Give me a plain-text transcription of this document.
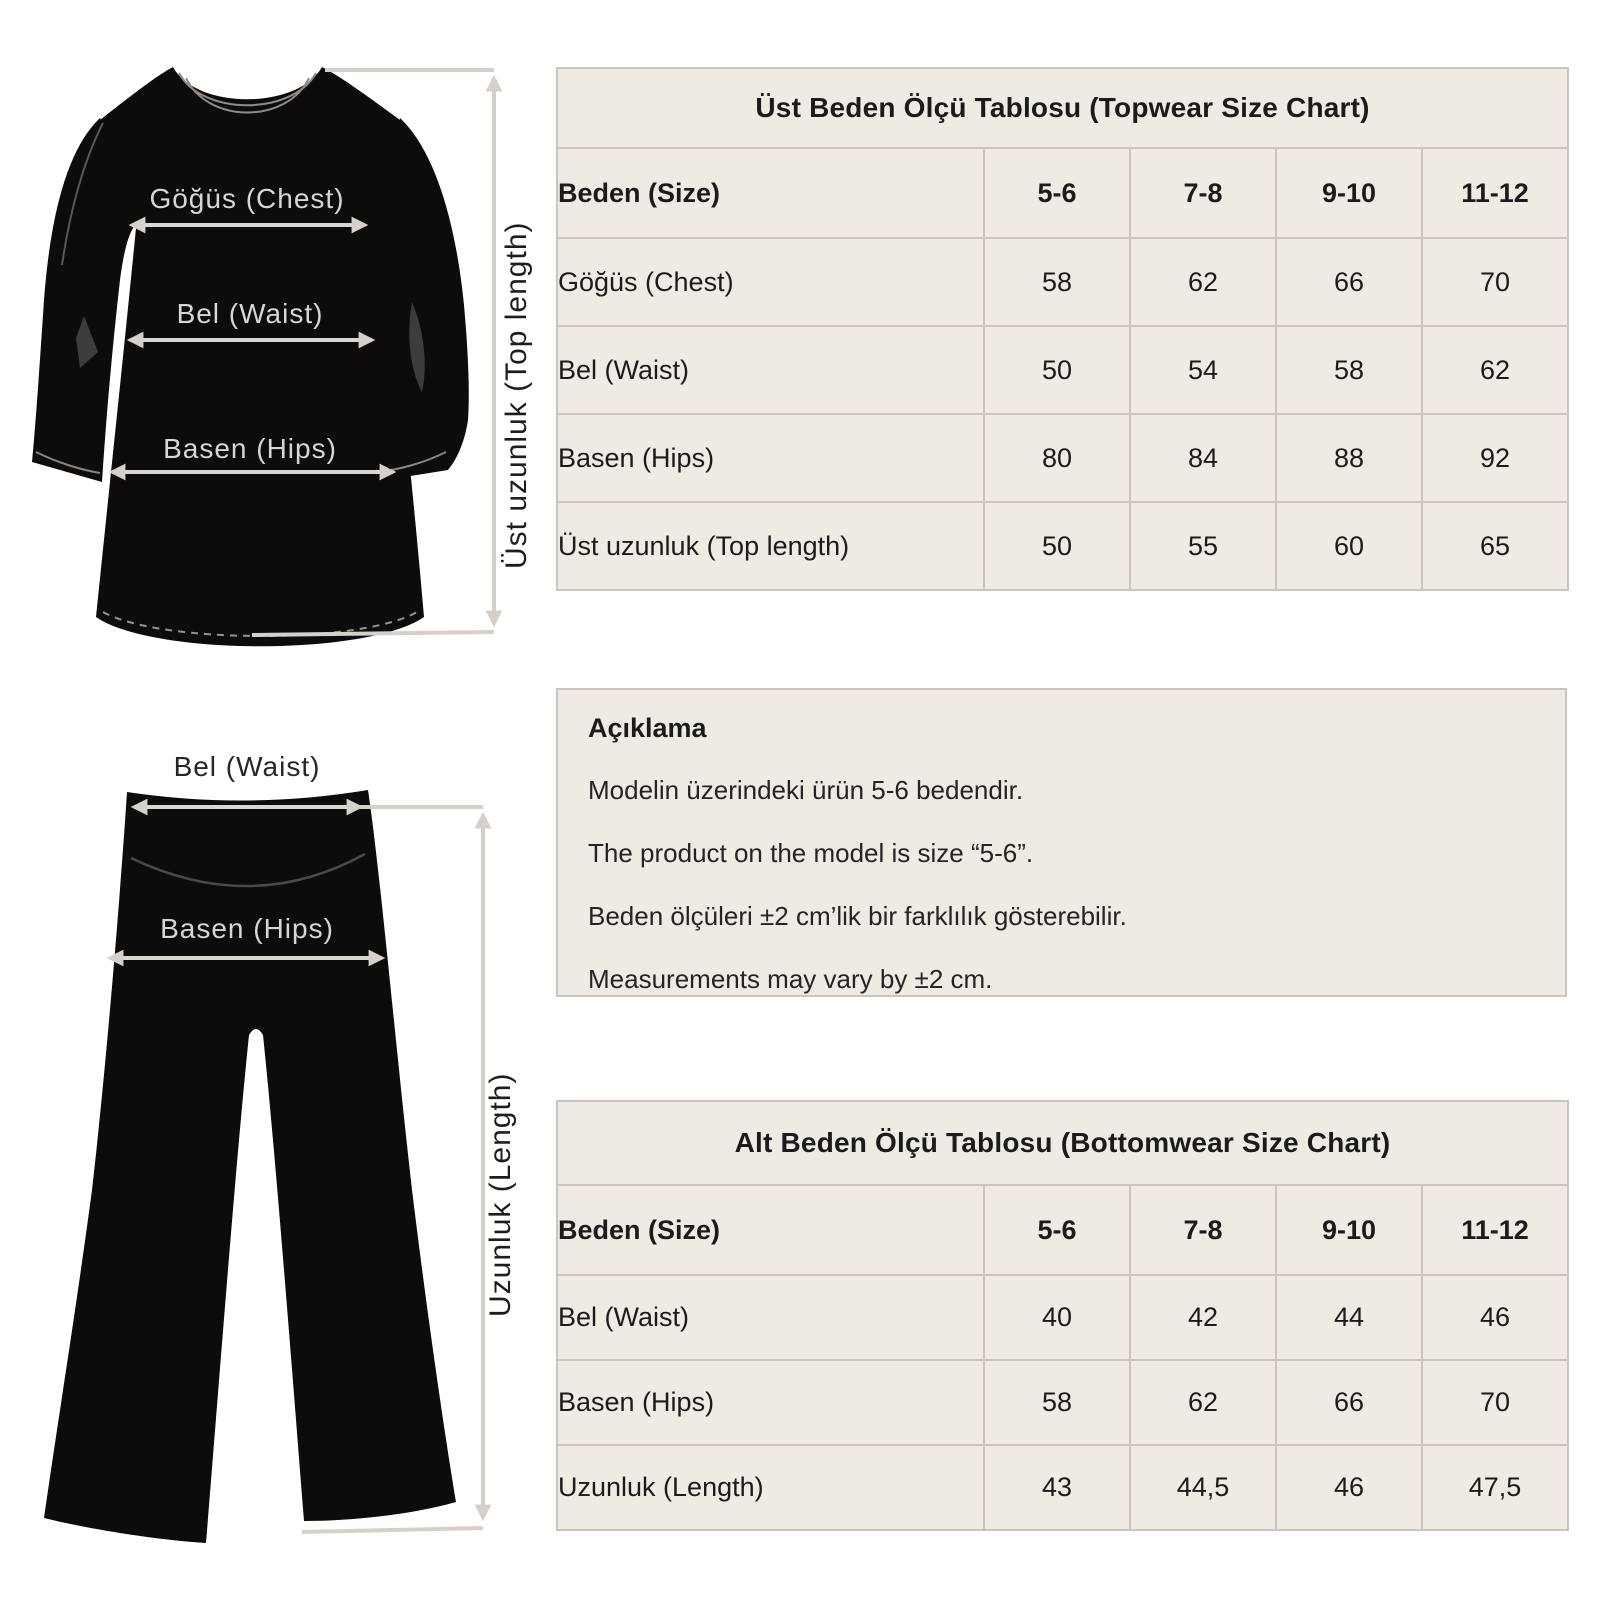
Göğüs (Chest)
Bel (Waist)
Basen (Hips)	Üst uzunluk (Top length)
Bel (Waist)
Basen (Hips)
Uzunluk (Length)
Üst Beden Ölçü Tablosu (Topwear Size Chart)				
Beden (Size)	5-6	7-8	9-10	11-12
Göğüs (Chest)	58	62	66	70
Bel (Waist)	50	54	58	62
Basen (Hips)	80	84	88	92
Üst uzunluk (Top length)	50	55	60	65

Açıklama

Modelin üzerindeki ürün 5-6 bedendir.

The product on the model is size “5-6”.

Beden ölçüleri ±2 cm’lik bir farklılık gösterebilir.

Measurements may vary by ±2 cm.

Alt Beden Ölçü Tablosu (Bottomwear Size Chart)				
Beden (Size)	5-6	7-8	9-10	11-12
Bel (Waist)	40	42	44	46
Basen (Hips)	58	62	66	70
Uzunluk (Length)	43	44,5	46	47,5
